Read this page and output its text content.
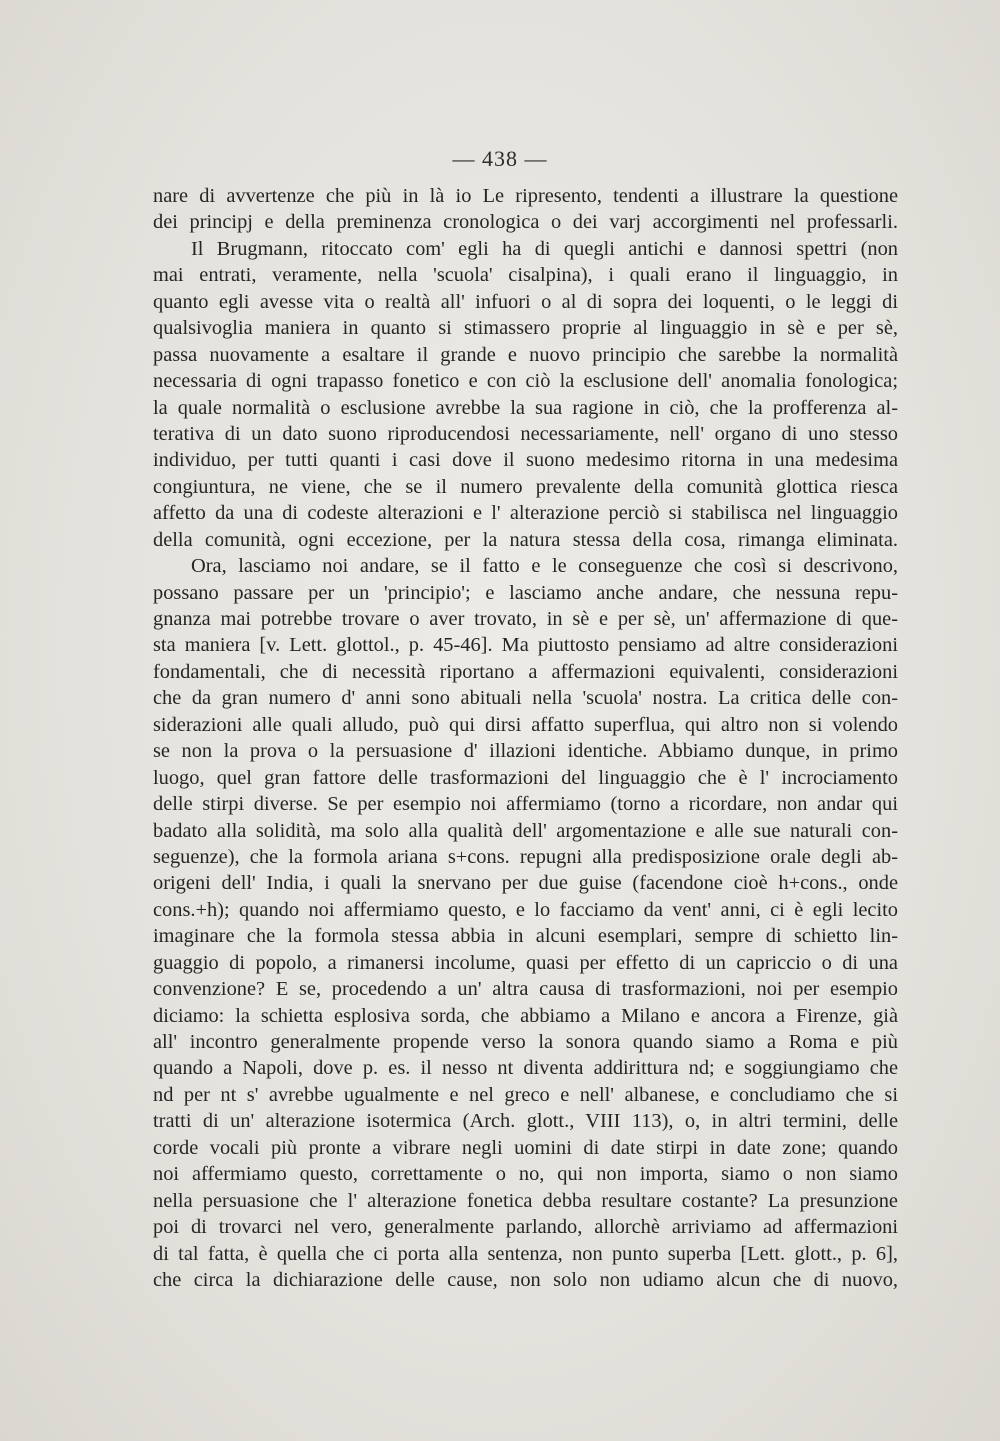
— 438 —
nare di avvertenze che più in là io Le ripresento, tendenti a illustrare la questione
dei principj e della preminenza cronologica o dei varj accorgimenti nel professarli.
Il Brugmann, ritoccato com' egli ha di quegli antichi e dannosi spettri (non
mai entrati, veramente, nella 'scuola' cisalpina), i quali erano il linguaggio, in
quanto egli avesse vita o realtà all' infuori o al di sopra dei loquenti, o le leggi di
qualsivoglia maniera in quanto si stimassero proprie al linguaggio in sè e per sè,
passa nuovamente a esaltare il grande e nuovo principio che sarebbe la normalità
necessaria di ogni trapasso fonetico e con ciò la esclusione dell' anomalia fonologica;
la quale normalità o esclusione avrebbe la sua ragione in ciò, che la profferenza al-
terativa di un dato suono riproducendosi necessariamente, nell' organo di uno stesso
individuo, per tutti quanti i casi dove il suono medesimo ritorna in una medesima
congiuntura, ne viene, che se il numero prevalente della comunità glottica riesca
affetto da una di codeste alterazioni e l' alterazione perciò si stabilisca nel linguaggio
della comunità, ogni eccezione, per la natura stessa della cosa, rimanga eliminata.
Ora, lasciamo noi andare, se il fatto e le conseguenze che così si descrivono,
possano passare per un 'principio'; e lasciamo anche andare, che nessuna repu-
gnanza mai potrebbe trovare o aver trovato, in sè e per sè, un' affermazione di que-
sta maniera [v. Lett. glottol., p. 45-46]. Ma piuttosto pensiamo ad altre considerazioni
fondamentali, che di necessità riportano a affermazioni equivalenti, considerazioni
che da gran numero d' anni sono abituali nella 'scuola' nostra. La critica delle con-
siderazioni alle quali alludo, può qui dirsi affatto superflua, qui altro non si volendo
se non la prova o la persuasione d' illazioni identiche. Abbiamo dunque, in primo
luogo, quel gran fattore delle trasformazioni del linguaggio che è l' incrociamento
delle stirpi diverse. Se per esempio noi affermiamo (torno a ricordare, non andar qui
badato alla solidità, ma solo alla qualità dell' argomentazione e alle sue naturali con-
seguenze), che la formola ariana s+cons. repugni alla predisposizione orale degli ab-
origeni dell' India, i quali la snervano per due guise (facendone cioè h+cons., onde
cons.+h); quando noi affermiamo questo, e lo facciamo da vent' anni, ci è egli lecito
imaginare che la formola stessa abbia in alcuni esemplari, sempre di schietto lin-
guaggio di popolo, a rimanersi incolume, quasi per effetto di un capriccio o di una
convenzione? E se, procedendo a un' altra causa di trasformazioni, noi per esempio
diciamo: la schietta esplosiva sorda, che abbiamo a Milano e ancora a Firenze, già
all' incontro generalmente propende verso la sonora quando siamo a Roma e più
quando a Napoli, dove p. es. il nesso nt diventa addirittura nd; e soggiungiamo che
nd per nt s' avrebbe ugualmente e nel greco e nell' albanese, e concludiamo che si
tratti di un' alterazione isotermica (Arch. glott., VIII 113), o, in altri termini, delle
corde vocali più pronte a vibrare negli uomini di date stirpi in date zone; quando
noi affermiamo questo, correttamente o no, qui non importa, siamo o non siamo
nella persuasione che l' alterazione fonetica debba resultare costante? La presunzione
poi di trovarci nel vero, generalmente parlando, allorchè arriviamo ad affermazioni
di tal fatta, è quella che ci porta alla sentenza, non punto superba [Lett. glott., p. 6],
che circa la dichiarazione delle cause, non solo non udiamo alcun che di nuovo,
